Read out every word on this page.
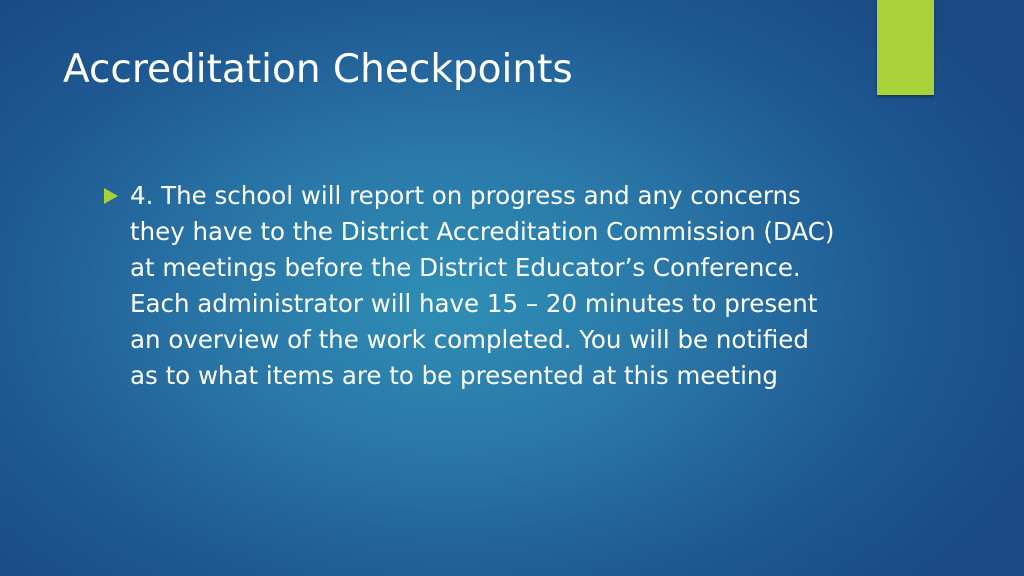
Accreditation Checkpoints

4. The school will report on progress and any concerns they have to the District Accreditation Commission (DAC) at meetings before the District Educator’s Conference. Each administrator will have 15 – 20 minutes to present an overview of the work completed. You will be notified as to what items are to be presented at this meeting
